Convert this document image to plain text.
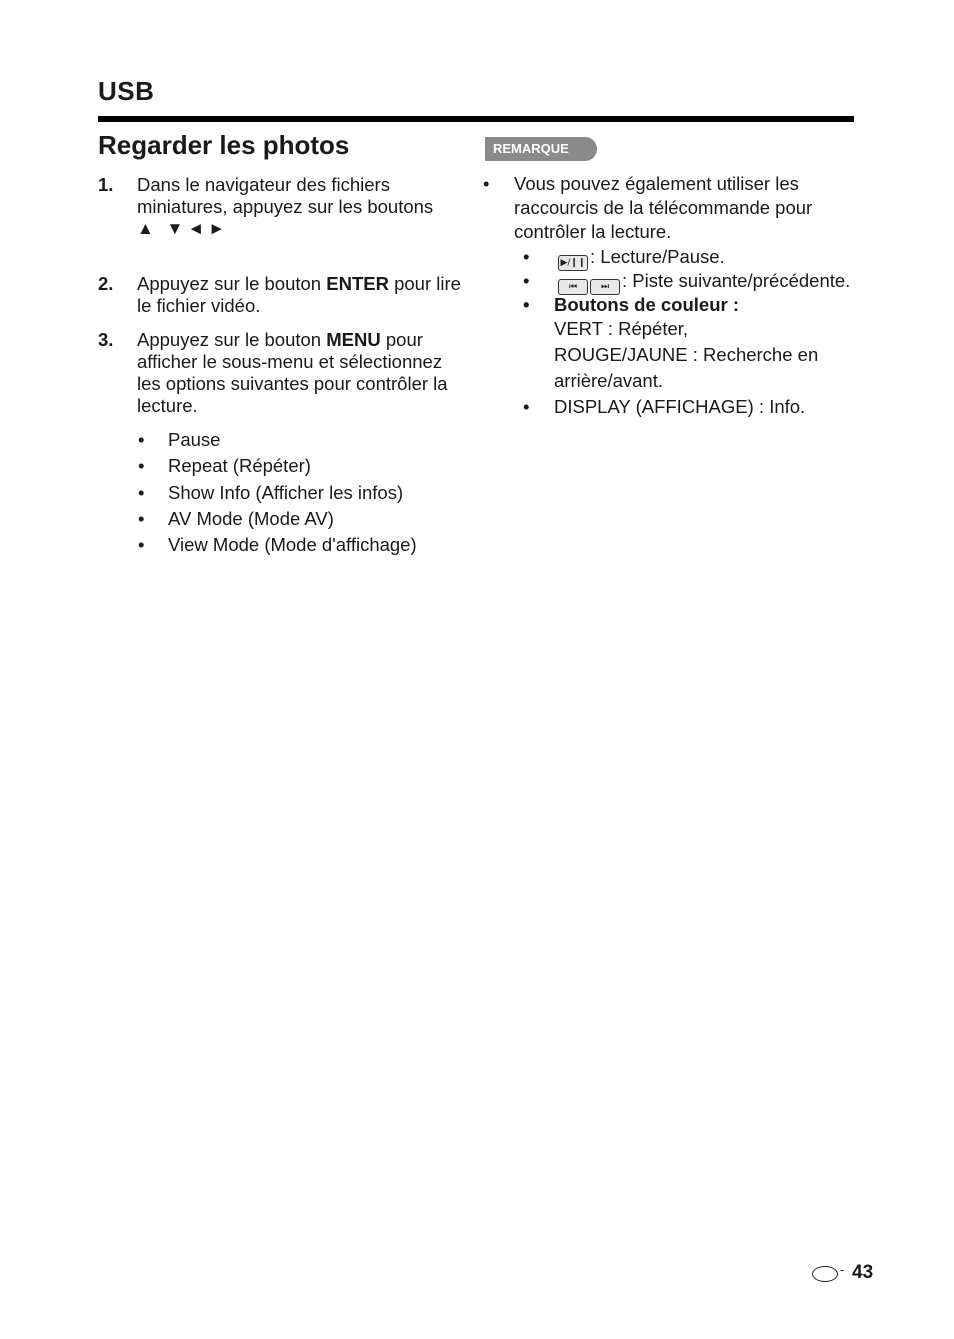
USB
Regarder les photos
1. Dans le navigateur des fichiers miniatures, appuyez sur les boutons
▲ ▼◄►
2. Appuyez sur le bouton ENTER pour lire le fichier vidéo.
3. Appuyez sur le bouton MENU pour afficher le sous-menu et sélectionnez les options suivantes pour contrôler la lecture.
• Pause
• Repeat (Répéter)
• Show Info (Afficher les infos)
• AV Mode (Mode AV)
• View Mode (Mode d'affichage)
REMARQUE
• Vous pouvez également utiliser les
raccourcis de la télécommande pour
contrôler la lecture.
•	▶/❙❙ : Lecture/Pause.
•	⏮	⏭ : Piste suivante/précédente.
• Boutons de couleur :
VERT : Répéter,
ROUGE/JAUNE : Recherche en
arrière/avant.
• DISPLAY (AFFICHAGE) : Info.
- 43
